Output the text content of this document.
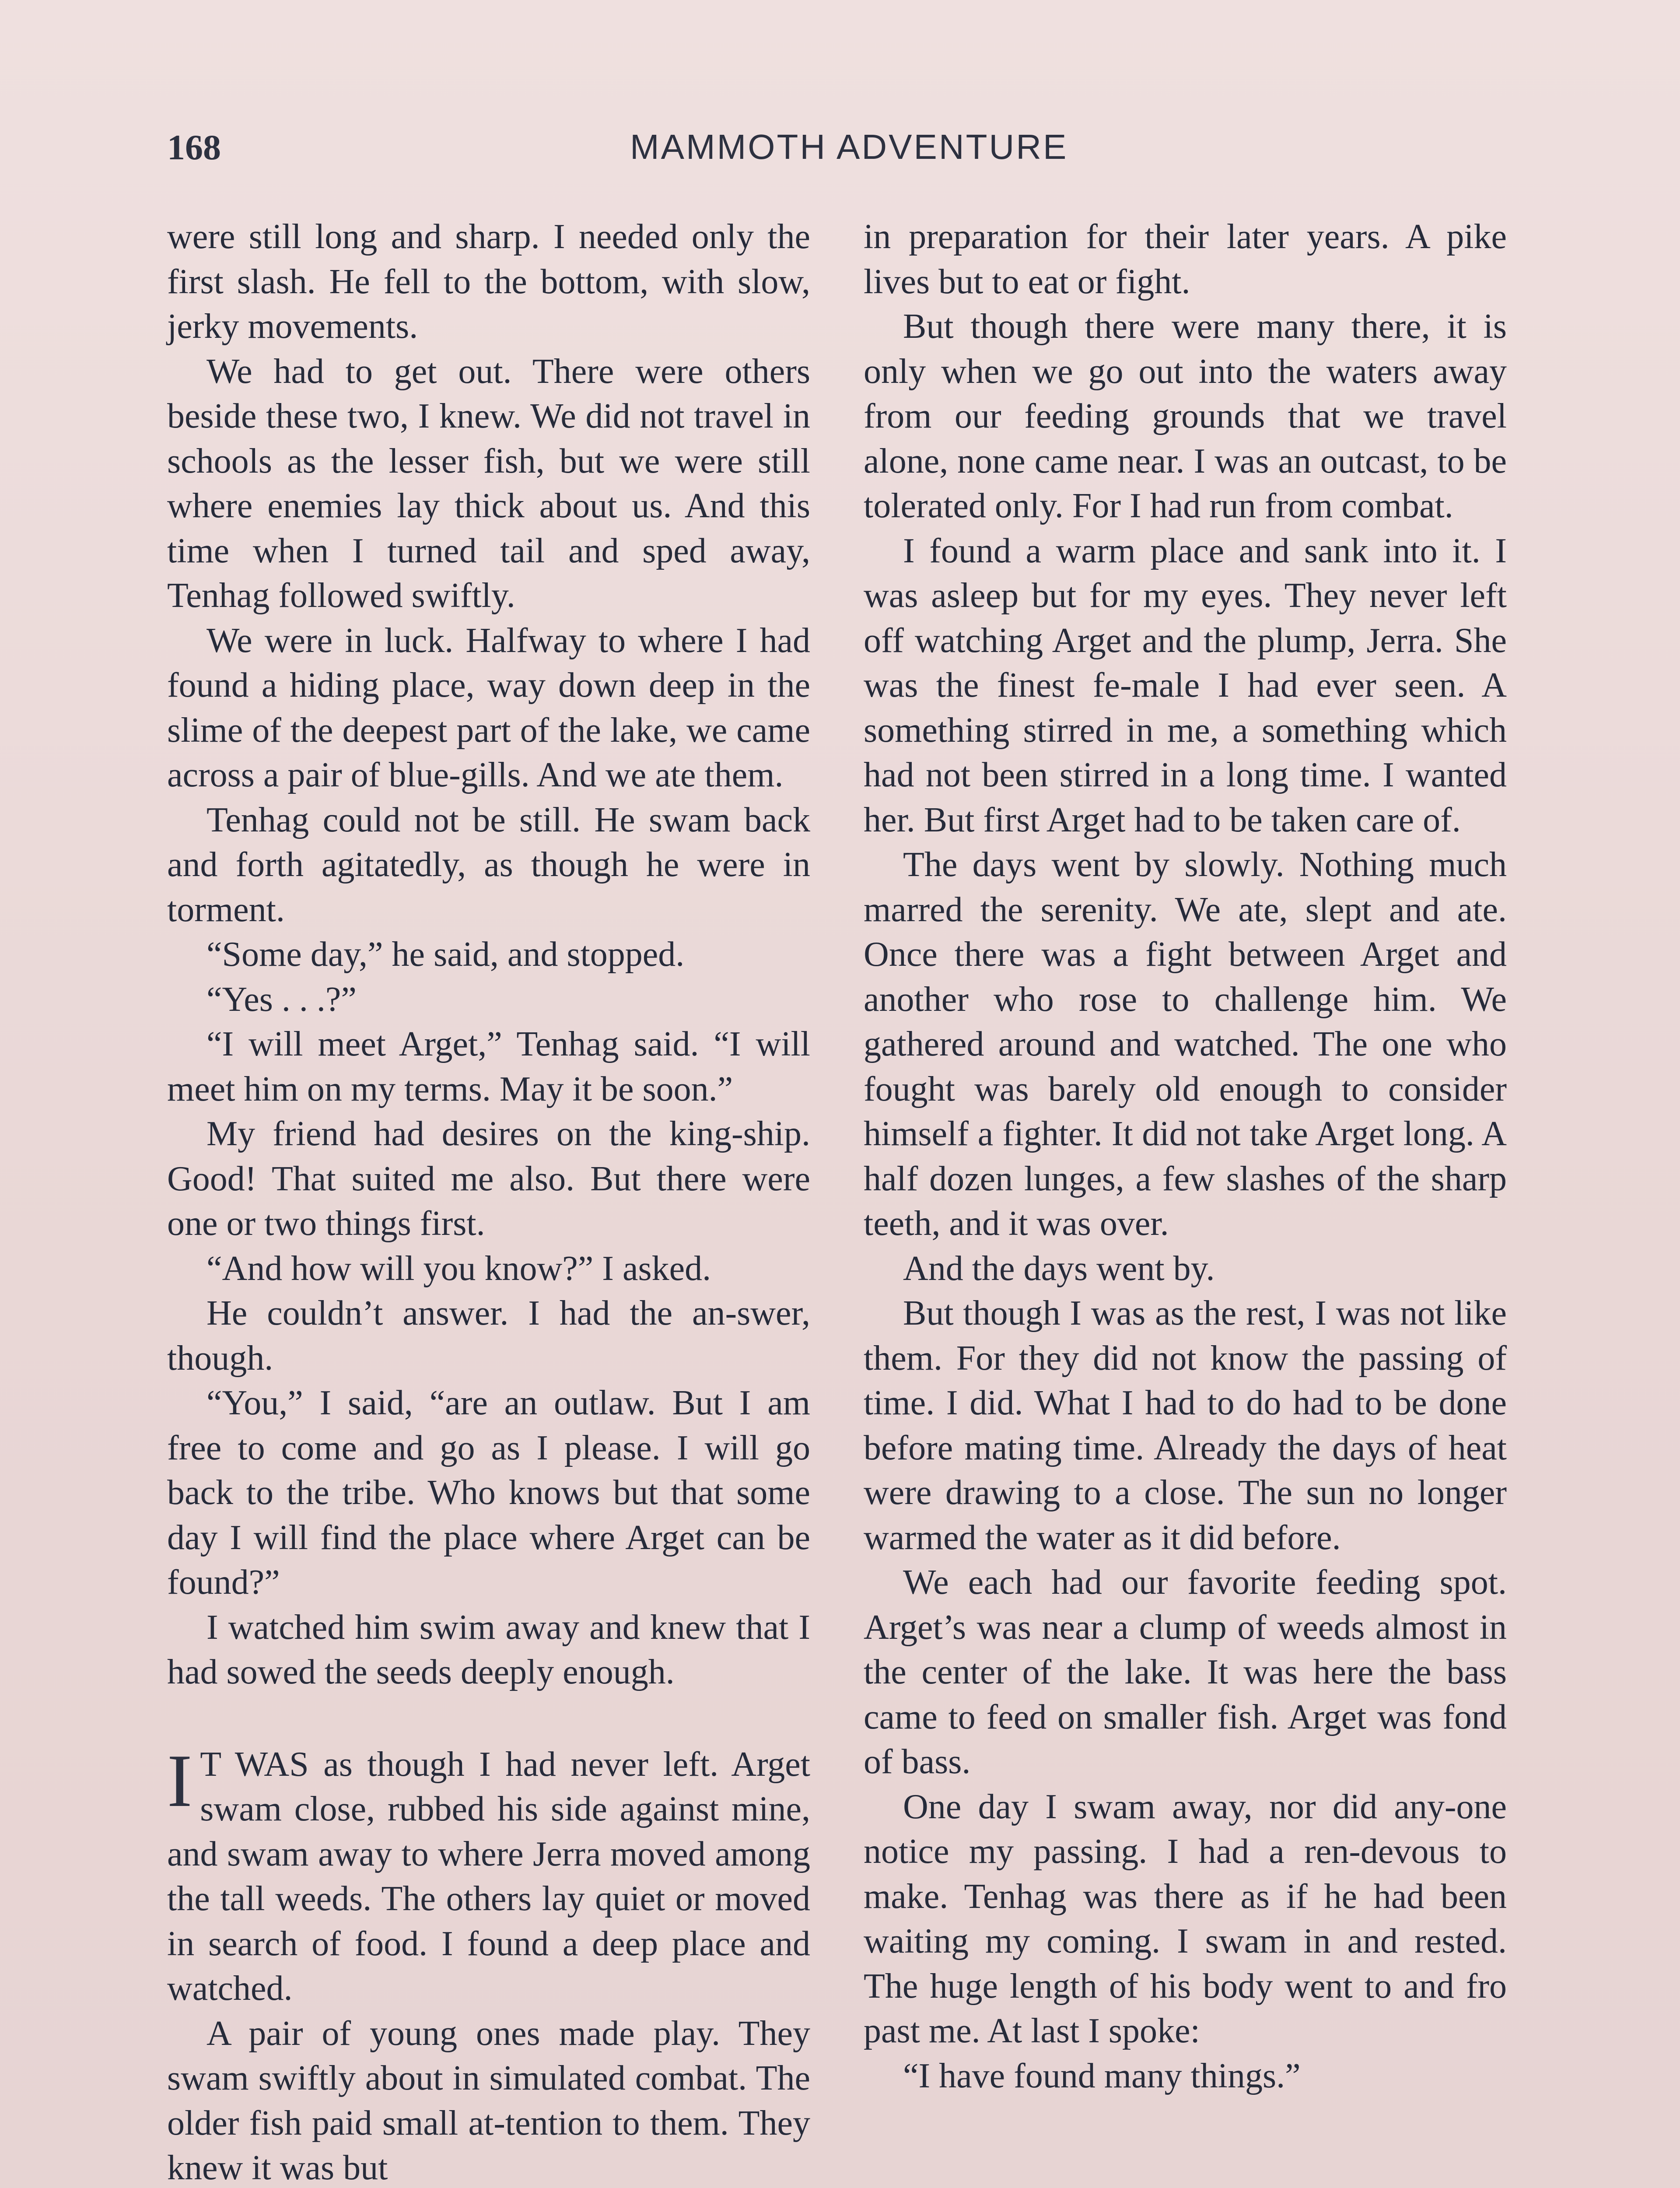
168	MAMMOTH ADVENTURE

were still long and sharp. I needed only the first slash. He fell to the bottom, with slow, jerky movements.

We had to get out. There were others beside these two, I knew. We did not travel in schools as the lesser fish, but we were still where enemies lay thick about us. And this time when I turned tail and sped away, Tenhag followed swiftly.

We were in luck. Halfway to where I had found a hiding place, way down deep in the slime of the deepest part of the lake, we came across a pair of blue-gills. And we ate them.

Tenhag could not be still. He swam back and forth agitatedly, as though he were in torment.

“Some day,” he said, and stopped.

“Yes . . .?”

“I will meet Arget,” Tenhag said. “I will meet him on my terms. May it be soon.”

My friend had desires on the king-ship. Good! That suited me also. But there were one or two things first.

“And how will you know?” I asked.

He couldn’t answer. I had the an-swer, though.

“You,” I said, “are an outlaw. But I am free to come and go as I please. I will go back to the tribe. Who knows but that some day I will find the place where Arget can be found?”

I watched him swim away and knew that I had sowed the seeds deeply enough.

I T WAS as though I had never left. Arget swam close, rubbed his side against mine, and swam away to where Jerra moved among the tall weeds. The others lay quiet or moved in search of food. I found a deep place and watched.

A pair of young ones made play. They swam swiftly about in simulated combat. The older fish paid small at-tention to them. They knew it was but

in preparation for their later years. A pike lives but to eat or fight.

But though there were many there, it is only when we go out into the waters away from our feeding grounds that we travel alone, none came near. I was an outcast, to be tolerated only. For I had run from combat.

I found a warm place and sank into it. I was asleep but for my eyes. They never left off watching Arget and the plump, Jerra. She was the finest fe-male I had ever seen. A something stirred in me, a something which had not been stirred in a long time. I wanted her. But first Arget had to be taken care of.

The days went by slowly. Nothing much marred the serenity. We ate, slept and ate. Once there was a fight between Arget and another who rose to challenge him. We gathered around and watched. The one who fought was barely old enough to consider himself a fighter. It did not take Arget long. A half dozen lunges, a few slashes of the sharp teeth, and it was over.

And the days went by.

But though I was as the rest, I was not like them. For they did not know the passing of time. I did. What I had to do had to be done before mating time. Already the days of heat were drawing to a close. The sun no longer warmed the water as it did before.

We each had our favorite feeding spot. Arget’s was near a clump of weeds almost in the center of the lake. It was here the bass came to feed on smaller fish. Arget was fond of bass.

One day I swam away, nor did any-one notice my passing. I had a ren-devous to make. Tenhag was there as if he had been waiting my coming. I swam in and rested. The huge length of his body went to and fro past me. At last I spoke:

“I have found many things.”
